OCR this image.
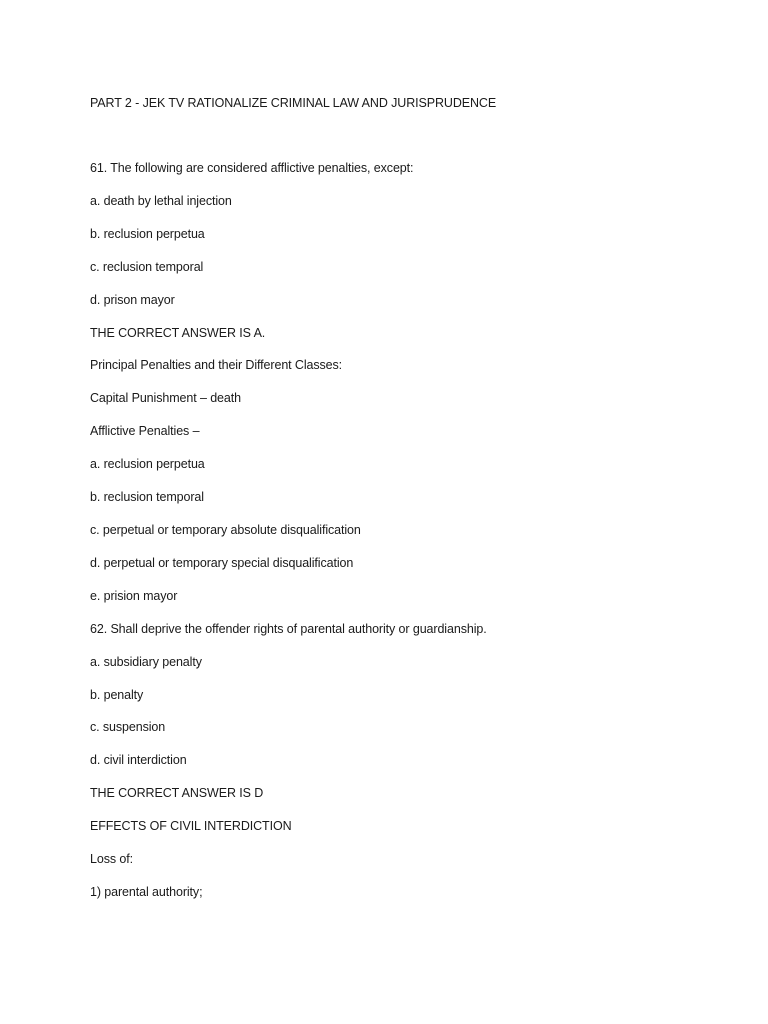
PART 2 - JEK TV RATIONALIZE CRIMINAL LAW AND JURISPRUDENCE
61. The following are considered afflictive penalties, except:
a. death by lethal injection
b. reclusion perpetua
c. reclusion temporal
d. prison mayor
THE CORRECT ANSWER IS A.
Principal Penalties and their Different Classes:
Capital Punishment – death
Afflictive Penalties –
a. reclusion perpetua
b. reclusion temporal
c. perpetual or temporary absolute disqualification
d. perpetual or temporary special disqualification
e. prision mayor
62. Shall deprive the offender rights of parental authority or guardianship.
a. subsidiary penalty
b. penalty
c. suspension
d. civil interdiction
THE CORRECT ANSWER IS D
EFFECTS OF CIVIL INTERDICTION
Loss of:
1) parental authority;
